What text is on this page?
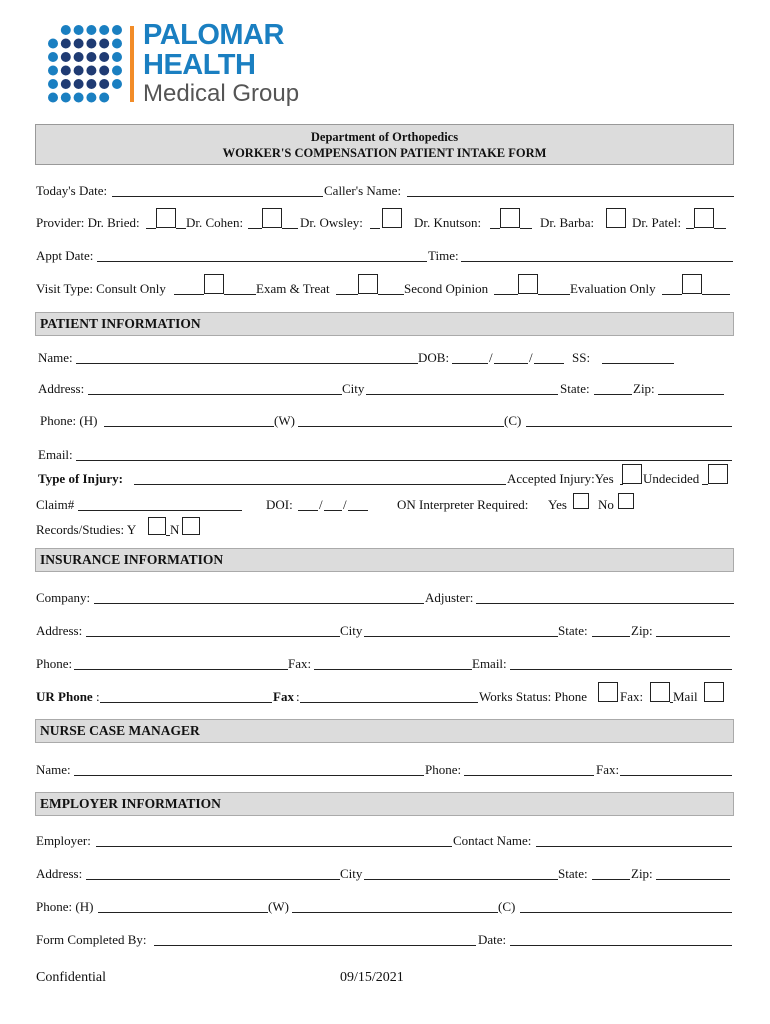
PALOMAR
HEALTH
Medical Group
Department of Orthopedics
WORKER'S COMPENSATION PATIENT INTAKE FORM
Today's Date:	Caller's Name:
Provider: Dr. Bried:	Dr. Cohen:	Dr. Owsley:	Dr. Knutson:	Dr. Barba:	Dr. Patel:
Appt Date:	Time:
Visit Type: Consult Only	Exam & Treat	Second Opinion	Evaluation Only
PATIENT INFORMATION
Name:	DOB:	/	/	SS:
Address:	City	State:	Zip:
Phone: (H)	(W)	(C)
Email:
Type of Injury:	Accepted Injury:Yes Undecided
Claim#	DOI: / /	ON Interpreter Required: Yes No
Records/Studies: Y	N
INSURANCE INFORMATION
Company:	Adjuster:
Address:	City	State:	Zip:
Phone:	Fax:	Email:
UR Phone :	Fax :	Works Status: Phone	Fax: Mail
NURSE CASE MANAGER
Name:	Phone:	Fax:
EMPLOYER INFORMATION
Employer:	Contact Name:
Address:	City	State:	Zip:
Phone: (H)	(W)	(C)
Form Completed By:	Date:
Confidential	09/15/2021
